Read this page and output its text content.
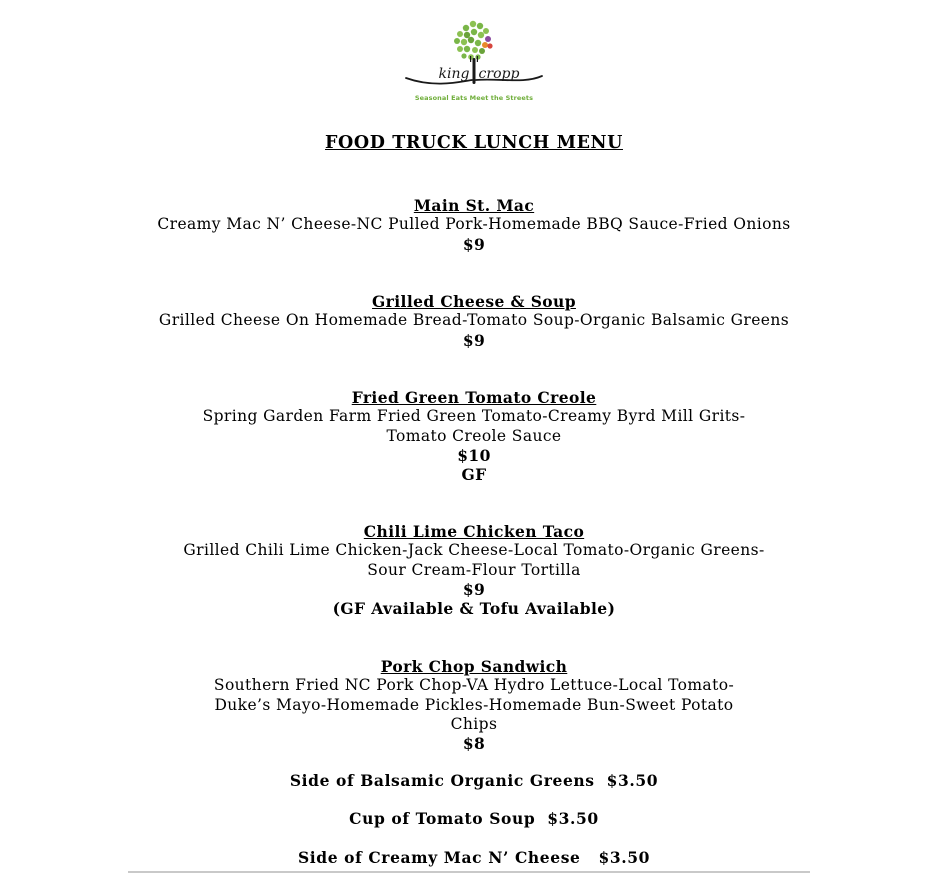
king cropp
Seasonal Eats Meet the Streets
FOOD TRUCK LUNCH MENU
Main St. Mac
Creamy Mac N’ Cheese-NC Pulled Pork-Homemade BBQ Sauce-Fried Onions
$9
Grilled Cheese & Soup
Grilled Cheese On Homemade Bread-Tomato Soup-Organic Balsamic Greens
$9
Fried Green Tomato Creole
Spring Garden Farm Fried Green Tomato-Creamy Byrd Mill Grits-Tomato Creole Sauce
$10
GF
Chili Lime Chicken Taco
Grilled Chili Lime Chicken-Jack Cheese-Local Tomato-Organic Greens-Sour Cream-Flour Tortilla
$9
(GF Available & Tofu Available)
Pork Chop Sandwich
Southern Fried NC Pork Chop-VA Hydro Lettuce-Local Tomato-Duke’s Mayo-Homemade Pickles-Homemade Bun-Sweet Potato Chips
$8
Side of Balsamic Organic Greens  $3.50
Cup of Tomato Soup  $3.50
Side of Creamy Mac N’ Cheese   $3.50
